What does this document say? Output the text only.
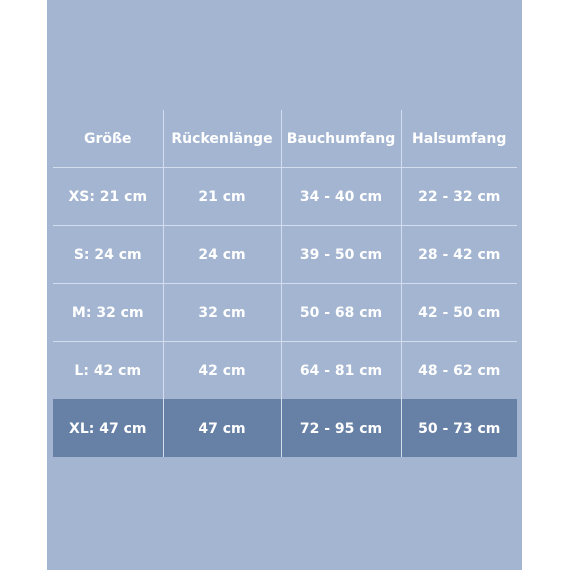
Größe	Rückenlänge	Bauchumfang	Halsumfang
XS: 21 cm	21 cm	34 - 40 cm	22 - 32 cm
S: 24 cm	24 cm	39 - 50 cm	28 - 42 cm
M: 32 cm	32 cm	50 - 68 cm	42 - 50 cm
L: 42 cm	42 cm	64 - 81 cm	48 - 62 cm
XL: 47 cm	47 cm	72 - 95 cm	50 - 73 cm
